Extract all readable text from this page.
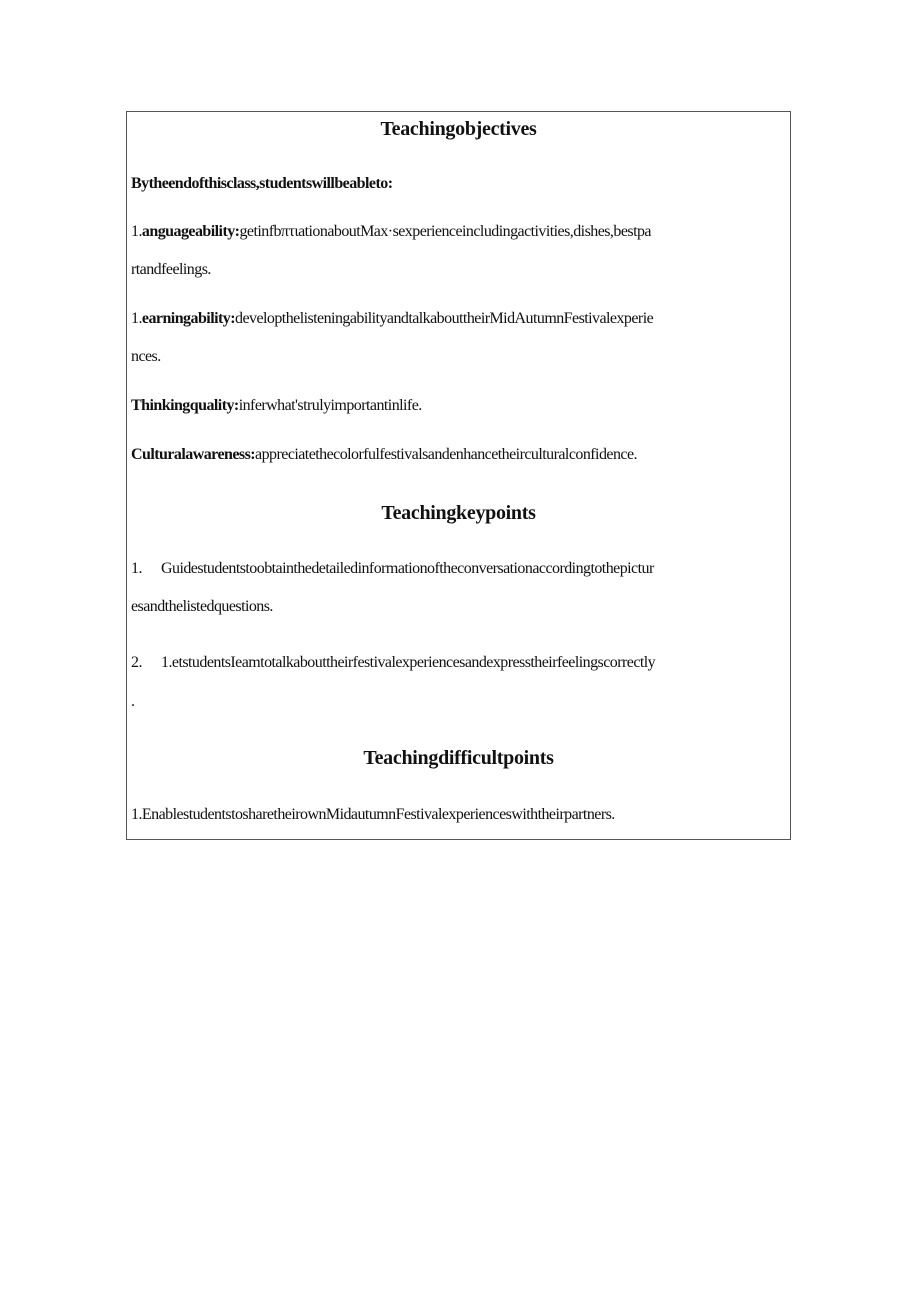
Teachingobjectives
Bytheendofthisclass,studentswillbeableto:
1.anguageability:getinfbπτιationaboutMax·sexperienceincludingactivities,dishes,bestpa
rtandfeelings.
1.earningability:developthelisteningabilityandtalkabouttheirMidAutumnFestivalexperie
nces.
Thinkingquality:inferwhat'strulyimportantinlife.
Culturalawareness:appreciatethecolorfulfestivalsandenhancetheirculturalconfidence.
Teachingkeypoints
1. Guidestudentstoobtainthedetailedinformationoftheconversationaccordingtothepictur
esandthelistedquestions.
2. 1.etstudentsIeamtotalkabouttheirfestivalexperiencesandexpresstheirfeelingscorrectly
.
Teachingdifficultpoints
1.EnablestudentstosharetheirownMidautumnFestivalexperienceswiththeirpartners.
